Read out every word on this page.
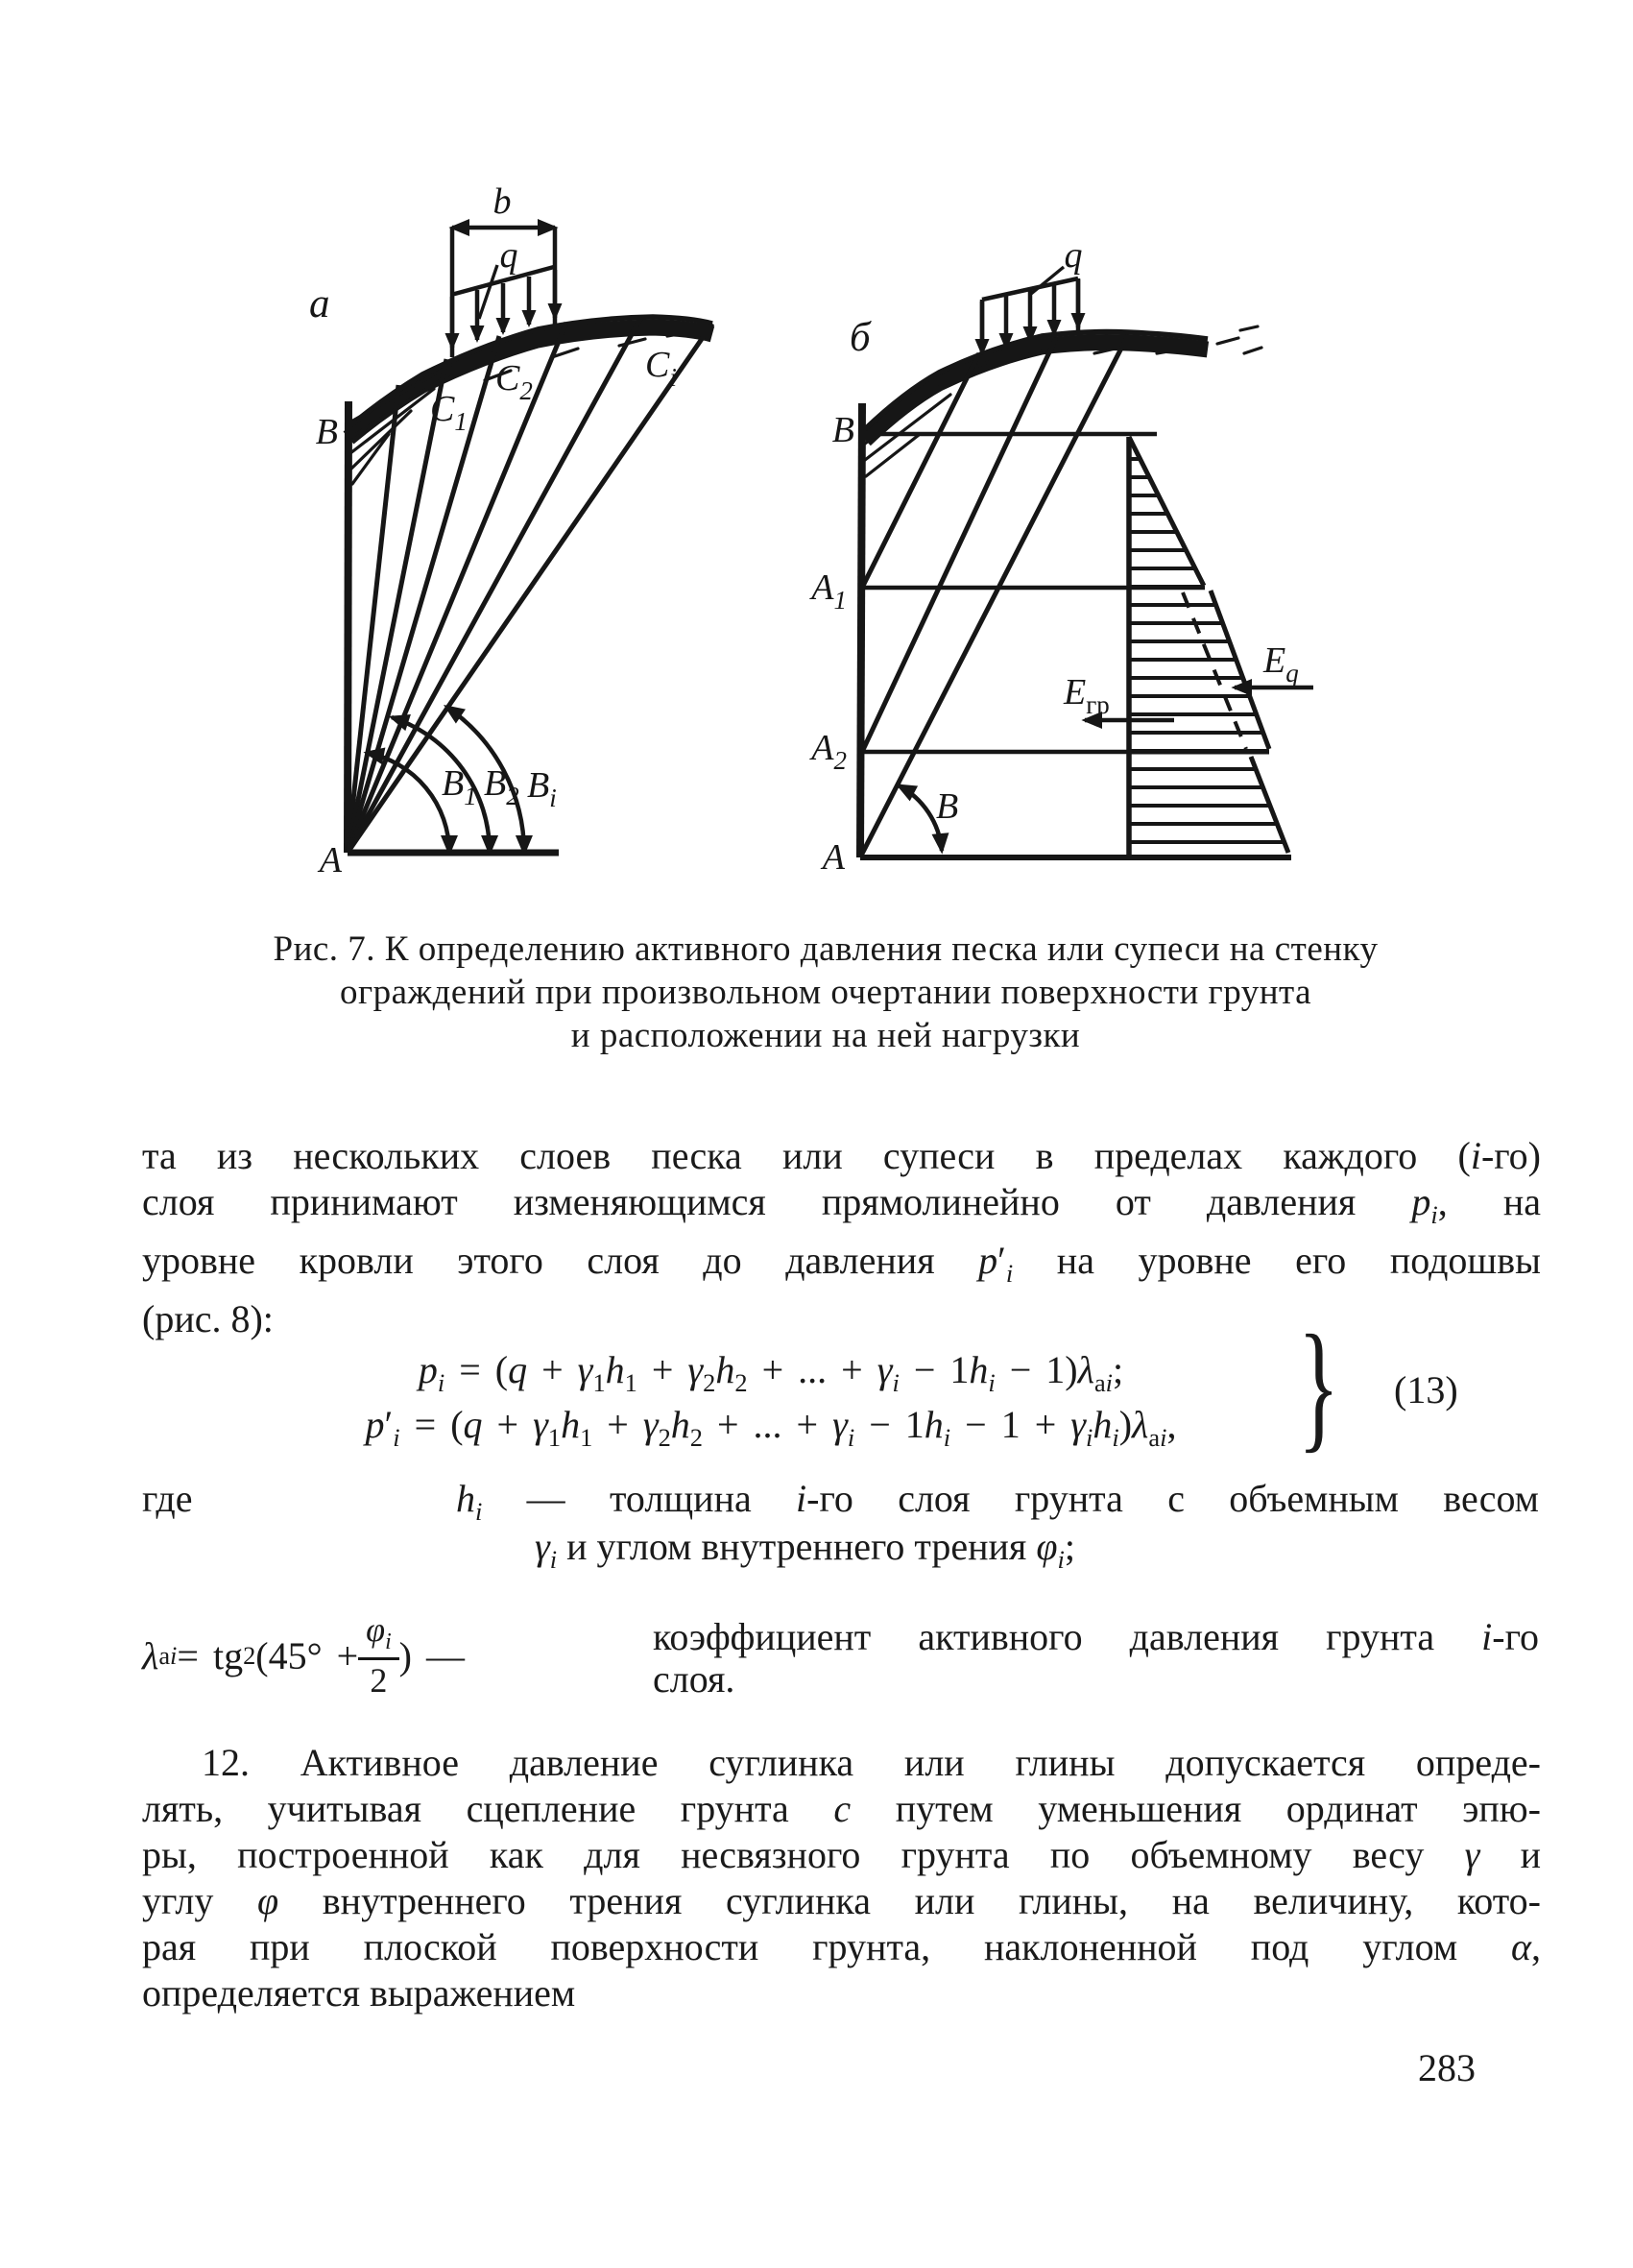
а
b
q
B
A
$C_1$
$C_2$
$C_i$
$B_1$ $B_2$ $B_i$
б
q
B
$A_1$
$A_2$
A
В
$E_{гр}$
$E_q$
Рис. 7. К определению активного давления песка или супеси на стенку
ограждений при произвольном очертании поверхности грунта
и расположении на ней нагрузки
та из нескольких слоев песка или супеси в пределах каждого (i-го)
слоя принимают изменяющимся прямолинейно от давления $p_i$, на
уровне кровли этого слоя до давления $p'_i$ на уровне его подошвы
(рис. 8):
$p_i = (q + \gamma_1h_1 + \gamma_2h_2$ + ... + $\gamma_i - 1h_i - 1)\lambda_{ai}$;
$p'_i = (q + \gamma_1h_1 + \gamma_2h_2$ + ... + $\gamma_i - 1h_i - 1 + \gamma_ih_i)\lambda_{ai}$, } (13)
где	$h_i$ — толщина i-го слоя грунта с объемным весом
$\gamma_i$ и углом внутреннего трения $\varphi_i$;
λ a i = tg 2 ($45^\circ + \frac{\varphi_i}{2}$ ) —	коэффициент активного давления грунта i-го
слоя.
12. Активное давление суглинка или глины допускается опреде-
лять, учитывая сцепление грунта c путем уменьшения ординат эпю-
ры, построенной как для несвязного грунта по объемному весу γ и
углу φ внутреннего трения суглинка или глины, на величину, кото-
рая при плоской поверхности грунта, наклоненной под углом α,
определяется выражением
283
